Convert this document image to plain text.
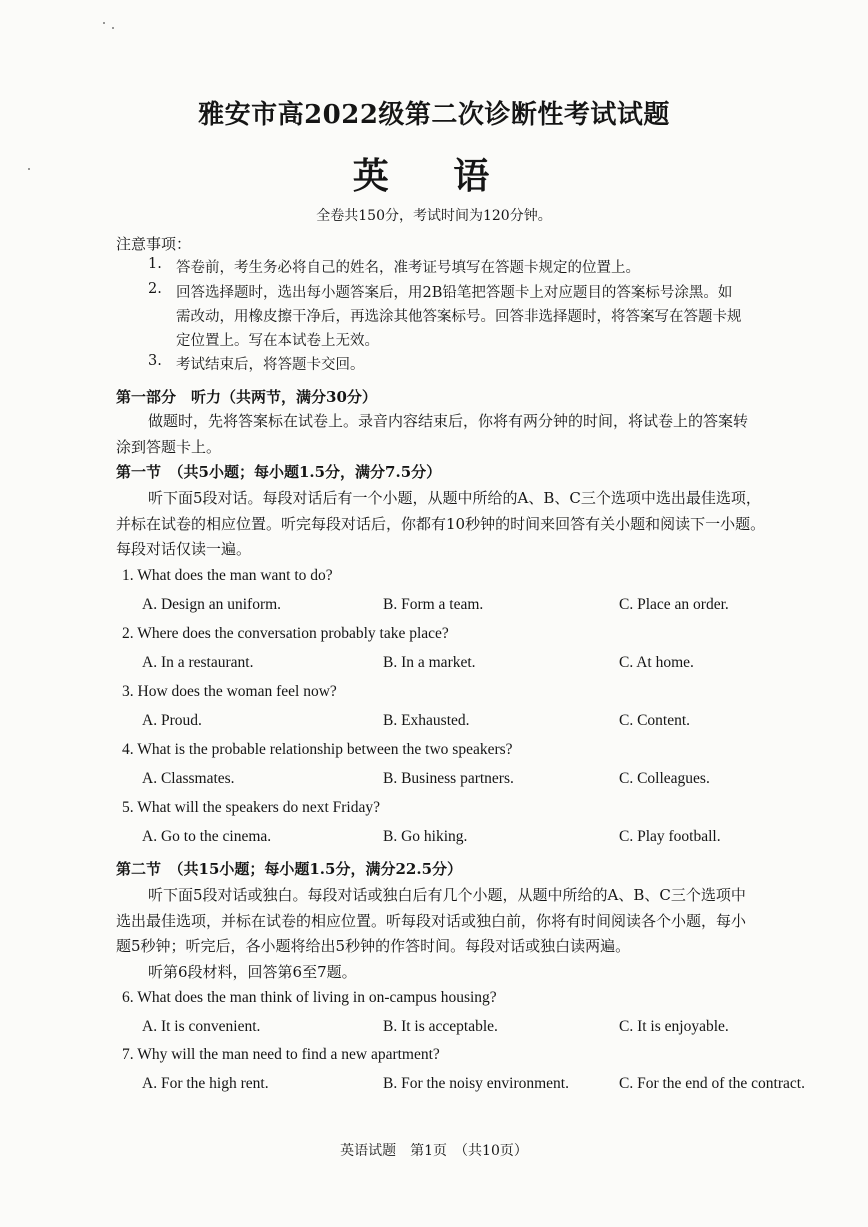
雅安市高2022级第二次诊断性考试试题
英 语
全卷共150分，考试时间为120分钟。
注意事项：
1. 答卷前，考生务必将自己的姓名，准考证号填写在答题卡规定的位置上。
2. 回答选择题时，选出每小题答案后，用2B铅笔把答题卡上对应题目的答案标号涂黑。如
需改动，用橡皮擦干净后，再选涂其他答案标号。回答非选择题时，将答案写在答题卡规
定位置上。写在本试卷上无效。
3. 考试结束后，将答题卡交回。
第一部分　听力（共两节，满分30分）
做题时，先将答案标在试卷上。录音内容结束后，你将有两分钟的时间，将试卷上的答案转
涂到答题卡上。
第一节　（共5小题；每小题1.5分，满分7.5分）
听下面5段对话。每段对话后有一个小题，从题中所给的A、B、C三个选项中选出最佳选项，
并标在试卷的相应位置。听完每段对话后，你都有10秒钟的时间来回答有关小题和阅读下一小题。
每段对话仅读一遍。
1. What does the man want to do?
A. Design an uniform.	B. Form a team.	C. Place an order.
2. Where does the conversation probably take place?
A. In a restaurant.	B. In a market.	C. At home.
3. How does the woman feel now?
A. Proud.	B. Exhausted.	C. Content.
4. What is the probable relationship between the two speakers?
A. Classmates.	B. Business partners.	C. Colleagues.
5. What will the speakers do next Friday?
A. Go to the cinema.	B. Go hiking.	C. Play football.
第二节　（共15小题；每小题1.5分，满分22.5分）
听下面5段对话或独白。每段对话或独白后有几个小题，从题中所给的A、B、C三个选项中
选出最佳选项，并标在试卷的相应位置。听每段对话或独白前，你将有时间阅读各个小题，每小
题5秒钟；听完后，各小题将给出5秒钟的作答时间。每段对话或独白读两遍。
听第6段材料，回答第6至7题。
6. What does the man think of living in on-campus housing?
A. It is convenient.	B. It is acceptable.	C. It is enjoyable.
7. Why will the man need to find a new apartment?
A. For the high rent.	B. For the noisy environment.	C. For the end of the contract.
英语试题　第1页　（共10页）
